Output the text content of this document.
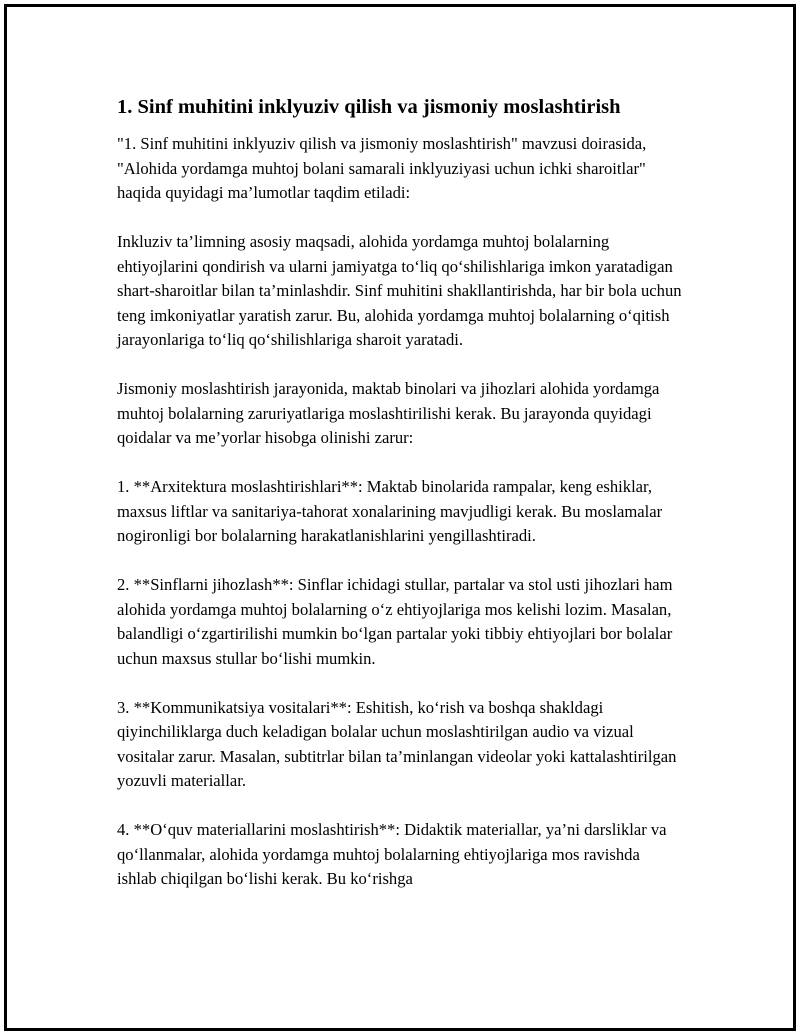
1. Sinf muhitini inklyuziv qilish va jismoniy moslashtirish

"1. Sinf muhitini inklyuziv qilish va jismoniy moslashtirish" mavzusi doirasida, "Alohida yordamga muhtoj bolani samarali inklyuziyasi uchun ichki sharoitlar" haqida quyidagi ma’lumotlar taqdim etiladi:

Inkluziv ta’limning asosiy maqsadi, alohida yordamga muhtoj bolalarning ehtiyojlarini qondirish va ularni jamiyatga to‘liq qo‘shilishlariga imkon yaratadigan shart-sharoitlar bilan ta’minlashdir. Sinf muhitini shakllantirishda, har bir bola uchun teng imkoniyatlar yaratish zarur. Bu, alohida yordamga muhtoj bolalarning o‘qitish jarayonlariga to‘liq qo‘shilishlariga sharoit yaratadi.

Jismoniy moslashtirish jarayonida, maktab binolari va jihozlari alohida yordamga muhtoj bolalarning zaruriyatlariga moslashtirilishi kerak. Bu jarayonda quyidagi qoidalar va me’yorlar hisobga olinishi zarur:

1. **Arxitektura moslashtirishlari**: Maktab binolarida rampalar, keng eshiklar, maxsus liftlar va sanitariya-tahorat xonalarining mavjudligi kerak. Bu moslamalar nogironligi bor bolalarning harakatlanishlarini yengillashtiradi.

2. **Sinflarni jihozlash**: Sinflar ichidagi stullar, partalar va stol usti jihozlari ham alohida yordamga muhtoj bolalarning o‘z ehtiyojlariga mos kelishi lozim. Masalan, balandligi o‘zgartirilishi mumkin bo‘lgan partalar yoki tibbiy ehtiyojlari bor bolalar uchun maxsus stullar bo‘lishi mumkin.

3. **Kommunikatsiya vositalari**: Eshitish, ko‘rish va boshqa shakldagi qiyinchiliklarga duch keladigan bolalar uchun moslashtirilgan audio va vizual vositalar zarur. Masalan, subtitrlar bilan ta’minlangan videolar yoki kattalashtirilgan yozuvli materiallar.

4. **O‘quv materiallarini moslashtirish**: Didaktik materiallar, ya’ni darsliklar va qo‘llanmalar, alohida yordamga muhtoj bolalarning ehtiyojlariga mos ravishda ishlab chiqilgan bo‘lishi kerak. Bu ko‘rishga
